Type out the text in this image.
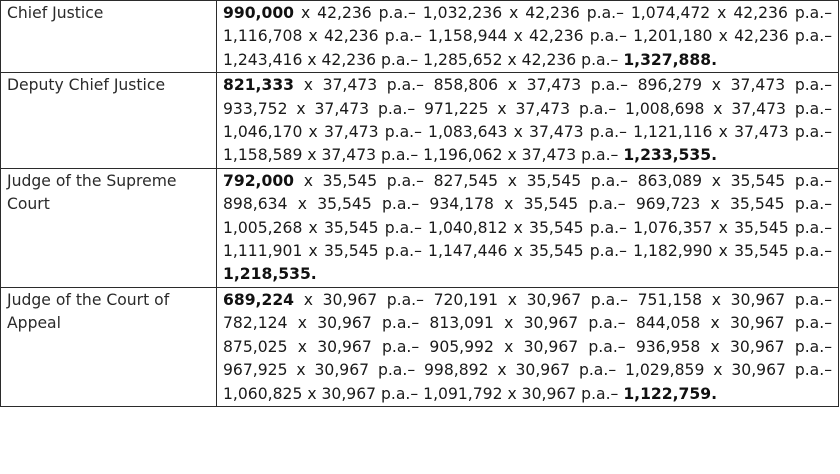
Chief Justice	990,000 x 42,236 p.a.– 1,032,236 x 42,236 p.a.– 1,074,472 x 42,236 p.a.– 1,116,708 x 42,236 p.a.– 1,158,944 x 42,236 p.a.– 1,201,180 x 42,236 p.a.– 1,243,416 x 42,236 p.a.– 1,285,652 x 42,236 p.a.– 1,327,888.
Deputy Chief Justice	821,333 x 37,473 p.a.– 858,806 x 37,473 p.a.– 896,279 x 37,473 p.a.– 933,752 x 37,473 p.a.– 971,225 x 37,473 p.a.– 1,008,698 x 37,473 p.a.– 1,046,170 x 37,473 p.a.– 1,083,643 x 37,473 p.a.– 1,121,116 x 37,473 p.a.– 1,158,589 x 37,473 p.a.– 1,196,062 x 37,473 p.a.– 1,233,535.
Judge of the Supreme Court	792,000 x 35,545 p.a.– 827,545 x 35,545 p.a.– 863,089 x 35,545 p.a.– 898,634 x 35,545 p.a.– 934,178 x 35,545 p.a.– 969,723 x 35,545 p.a.– 1,005,268 x 35,545 p.a.– 1,040,812 x 35,545 p.a.– 1,076,357 x 35,545 p.a.– 1,111,901 x 35,545 p.a.– 1,147,446 x 35,545 p.a.– 1,182,990 x 35,545 p.a.– 1,218,535.
Judge of the Court of Appeal	689,224 x 30,967 p.a.– 720,191 x 30,967 p.a.– 751,158 x 30,967 p.a.– 782,124 x 30,967 p.a.– 813,091 x 30,967 p.a.– 844,058 x 30,967 p.a.– 875,025 x 30,967 p.a.– 905,992 x 30,967 p.a.– 936,958 x 30,967 p.a.– 967,925 x 30,967 p.a.– 998,892 x 30,967 p.a.– 1,029,859 x 30,967 p.a.– 1,060,825 x 30,967 p.a.– 1,091,792 x 30,967 p.a.– 1,122,759.
